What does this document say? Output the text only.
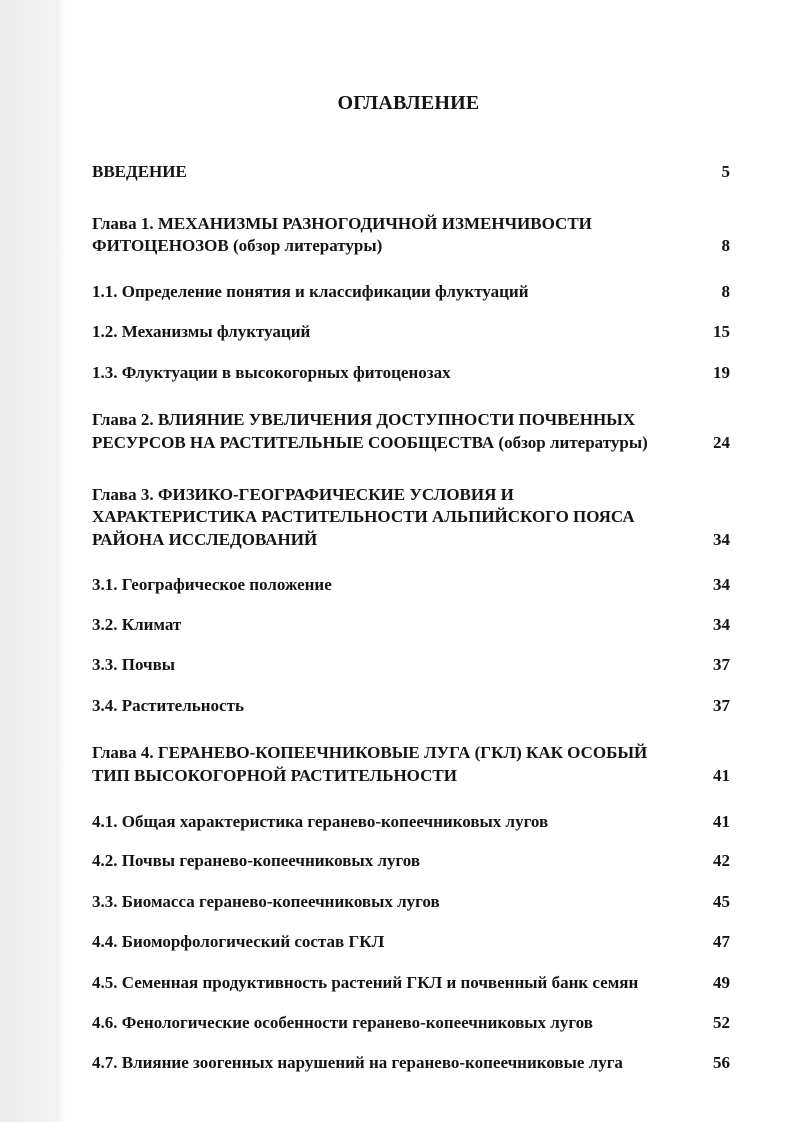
ОГЛАВЛЕНИЕ
ВВЕДЕНИЕ	5
Глава 1. МЕХАНИЗМЫ РАЗНОГОДИЧНОЙ ИЗМЕНЧИВОСТИ
ФИТОЦЕНОЗОВ (обзор литературы)	8
1.1. Определение понятия и классификации флуктуаций	8
1.2. Механизмы флуктуаций	15
1.3. Флуктуации в высокогорных фитоценозах	19
Глава 2. ВЛИЯНИЕ УВЕЛИЧЕНИЯ ДОСТУПНОСТИ ПОЧВЕННЫХ
РЕСУРСОВ НА РАСТИТЕЛЬНЫЕ СООБЩЕСТВА (обзор литературы)	24
Глава 3. ФИЗИКО-ГЕОГРАФИЧЕСКИЕ УСЛОВИЯ И
ХАРАКТЕРИСТИКА РАСТИТЕЛЬНОСТИ АЛЬПИЙСКОГО ПОЯСА
РАЙОНА ИССЛЕДОВАНИЙ	34
3.1. Географическое положение	34
3.2. Климат	34
3.3. Почвы	37
3.4. Растительность	37
Глава 4. ГЕРАНЕВО-КОПЕЕЧНИКОВЫЕ ЛУГА (ГКЛ) КАК ОСОБЫЙ
ТИП ВЫСОКОГОРНОЙ РАСТИТЕЛЬНОСТИ	41
4.1. Общая характеристика геранево-копеечниковых лугов	41
4.2. Почвы геранево-копеечниковых лугов	42
3.3. Биомасса геранево-копеечниковых лугов	45
4.4. Биоморфологический состав ГКЛ	47
4.5. Семенная продуктивность растений ГКЛ и почвенный банк семян	49
4.6. Фенологические особенности геранево-копеечниковых лугов	52
4.7. Влияние зоогенных нарушений на геранево-копеечниковые луга	56
